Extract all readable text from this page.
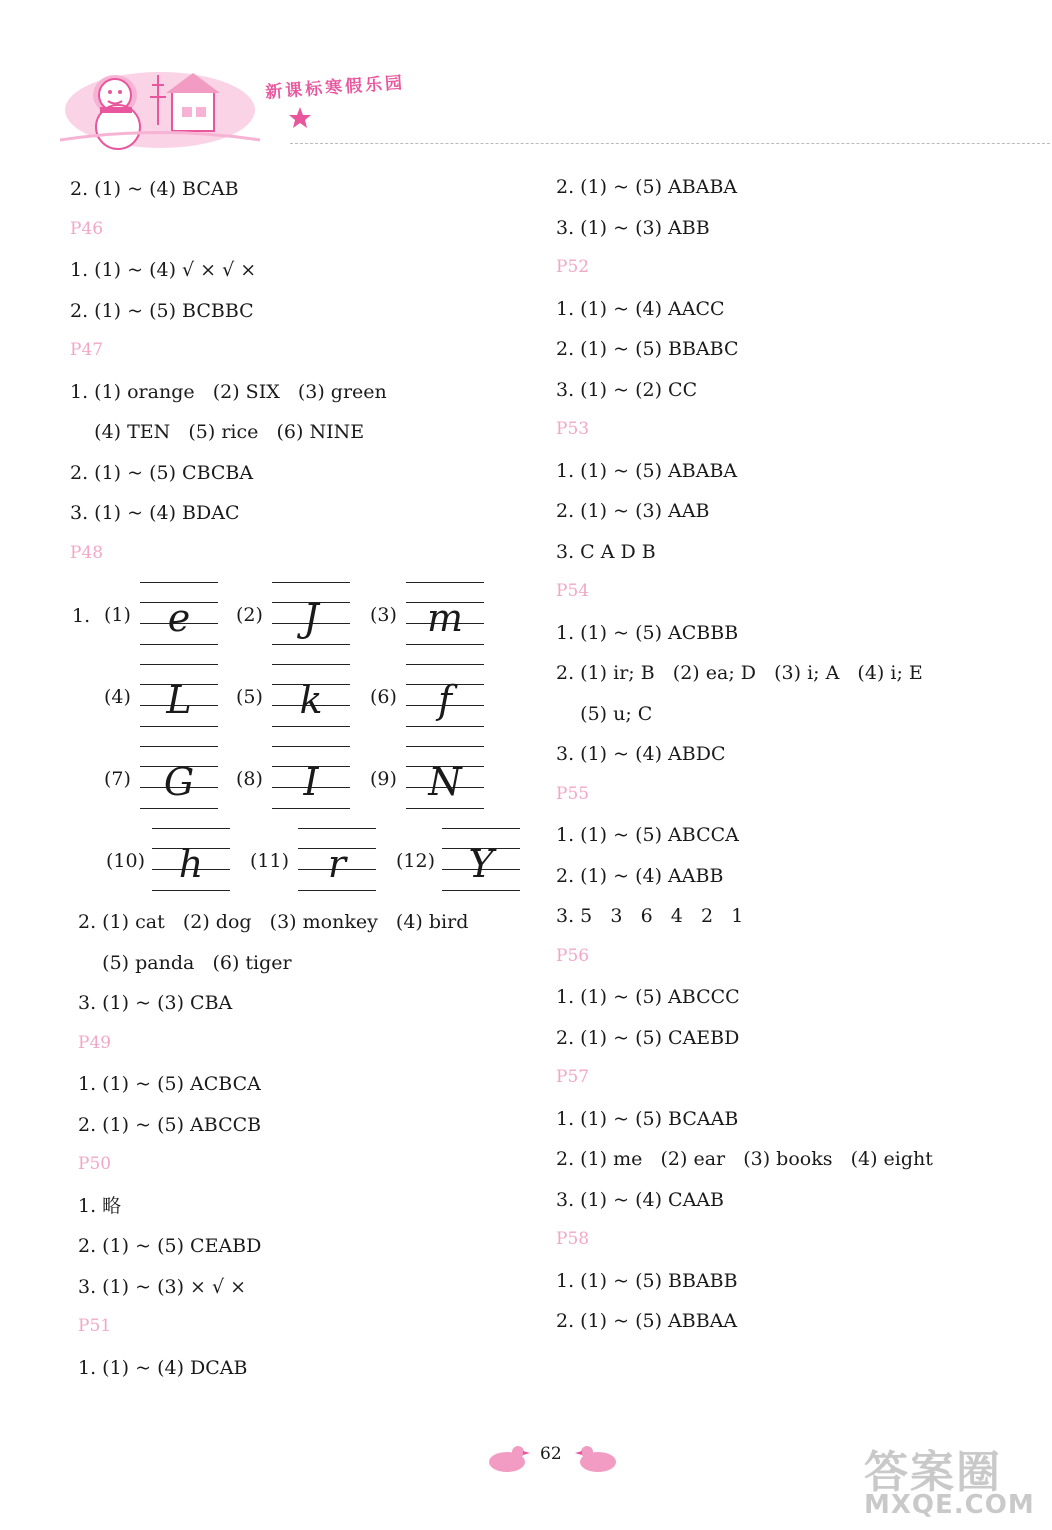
新课标寒假乐园
2. (1) ~ (4) BCAB
P46
1. (1) ~ (4) √ × √ ×
2. (1) ~ (5) BCBBC
P47
1. (1) orange   (2) SIX   (3) green
(4) TEN   (5) rice   (6) NINE
2. (1) ~ (5) CBCBA
3. (1) ~ (4) BDAC
P48
1. (1) e	(2)	J	(3) m
(4) L	(5) k	(6)	f
(7) G	(8)	I	(9) N
(10) h	(11)	r	(12) Y
2. (1) cat   (2) dog   (3) monkey   (4) bird
(5) panda   (6) tiger
3. (1) ~ (3) CBA
P49
1. (1) ~ (5) ACBCA
2. (1) ~ (5) ABCCB
P50
1. 略
2. (1) ~ (5) CEABD
3. (1) ~ (3) × √ ×
P51
1. (1) ~ (4) DCAB
2. (1) ~ (5) ABABA
3. (1) ~ (3) ABB
P52
1. (1) ~ (4) AACC
2. (1) ~ (5) BBABC
3. (1) ~ (2) CC
P53
1. (1) ~ (5) ABABA
2. (1) ~ (3) AAB
3. C A D B
P54
1. (1) ~ (5) ACBBB
2. (1) ir; B   (2) ea; D   (3) i; A   (4) i; E
(5) u; C
3. (1) ~ (4) ABDC
P55
1. (1) ~ (5) ABCCA
2. (1) ~ (4) AABB
3. 5   3   6   4   2   1
P56
1. (1) ~ (5) ABCCC
2. (1) ~ (5) CAEBD
P57
1. (1) ~ (5) BCAAB
2. (1) me   (2) ear   (3) books   (4) eight
3. (1) ~ (4) CAAB
P58
1. (1) ~ (5) BBABB
2. (1) ~ (5) ABBAA
62	答案圈
MXQE.COM
